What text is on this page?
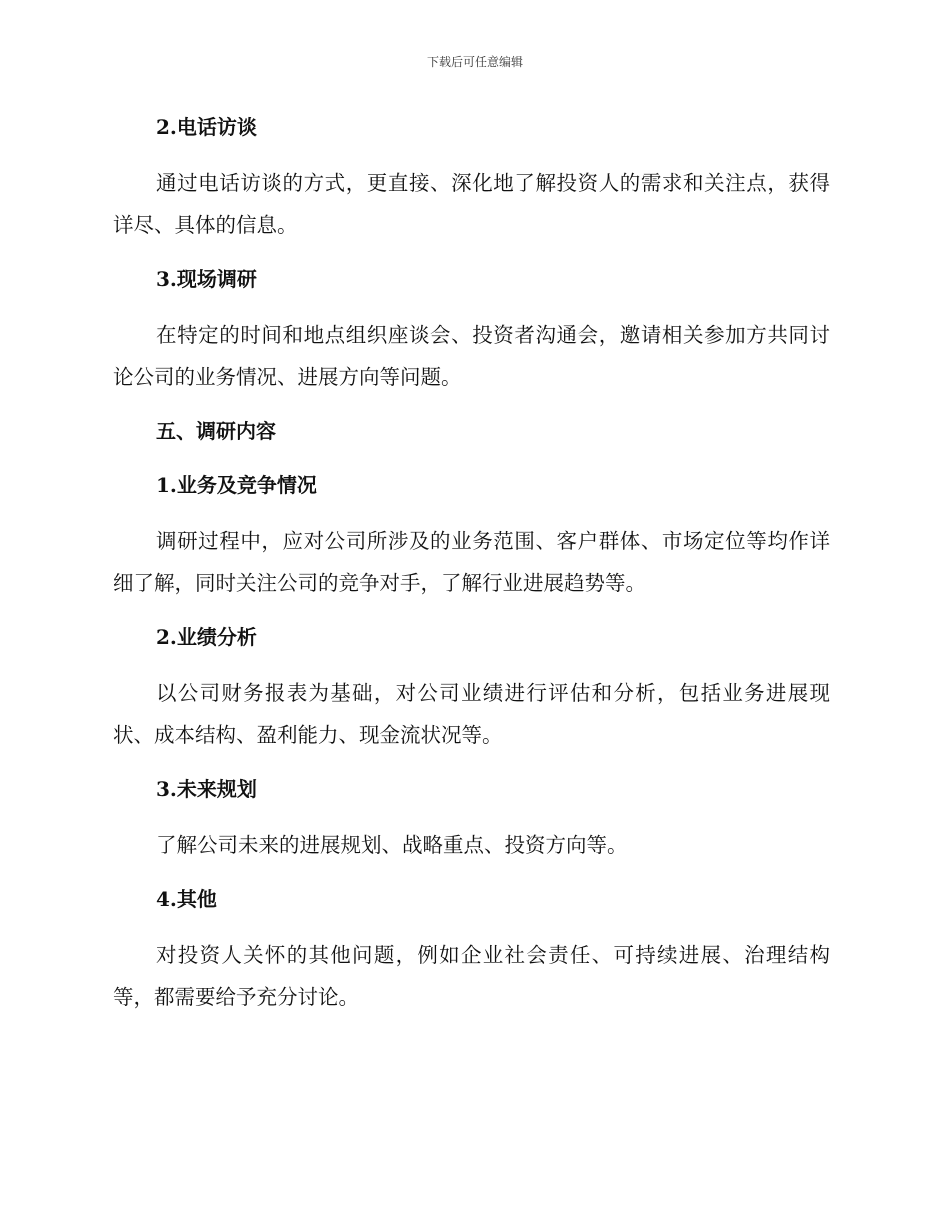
下载后可任意编辑
2.电话访谈

通过电话访谈的方式，更直接、深化地了解投资人的需求和关注点，获得详尽、具体的信息。

3.现场调研

在特定的时间和地点组织座谈会、投资者沟通会，邀请相关参加方共同讨论公司的业务情况、进展方向等问题。

五、调研内容
1.业务及竞争情况

调研过程中，应对公司所涉及的业务范围、客户群体、市场定位等均作详细了解，同时关注公司的竞争对手，了解行业进展趋势等。

2.业绩分析

以公司财务报表为基础，对公司业绩进行评估和分析，包括业务进展现状、成本结构、盈利能力、现金流状况等。

3.未来规划

了解公司未来的进展规划、战略重点、投资方向等。

4.其他

对投资人关怀的其他问题，例如企业社会责任、可持续进展、治理结构等，都需要给予充分讨论。
